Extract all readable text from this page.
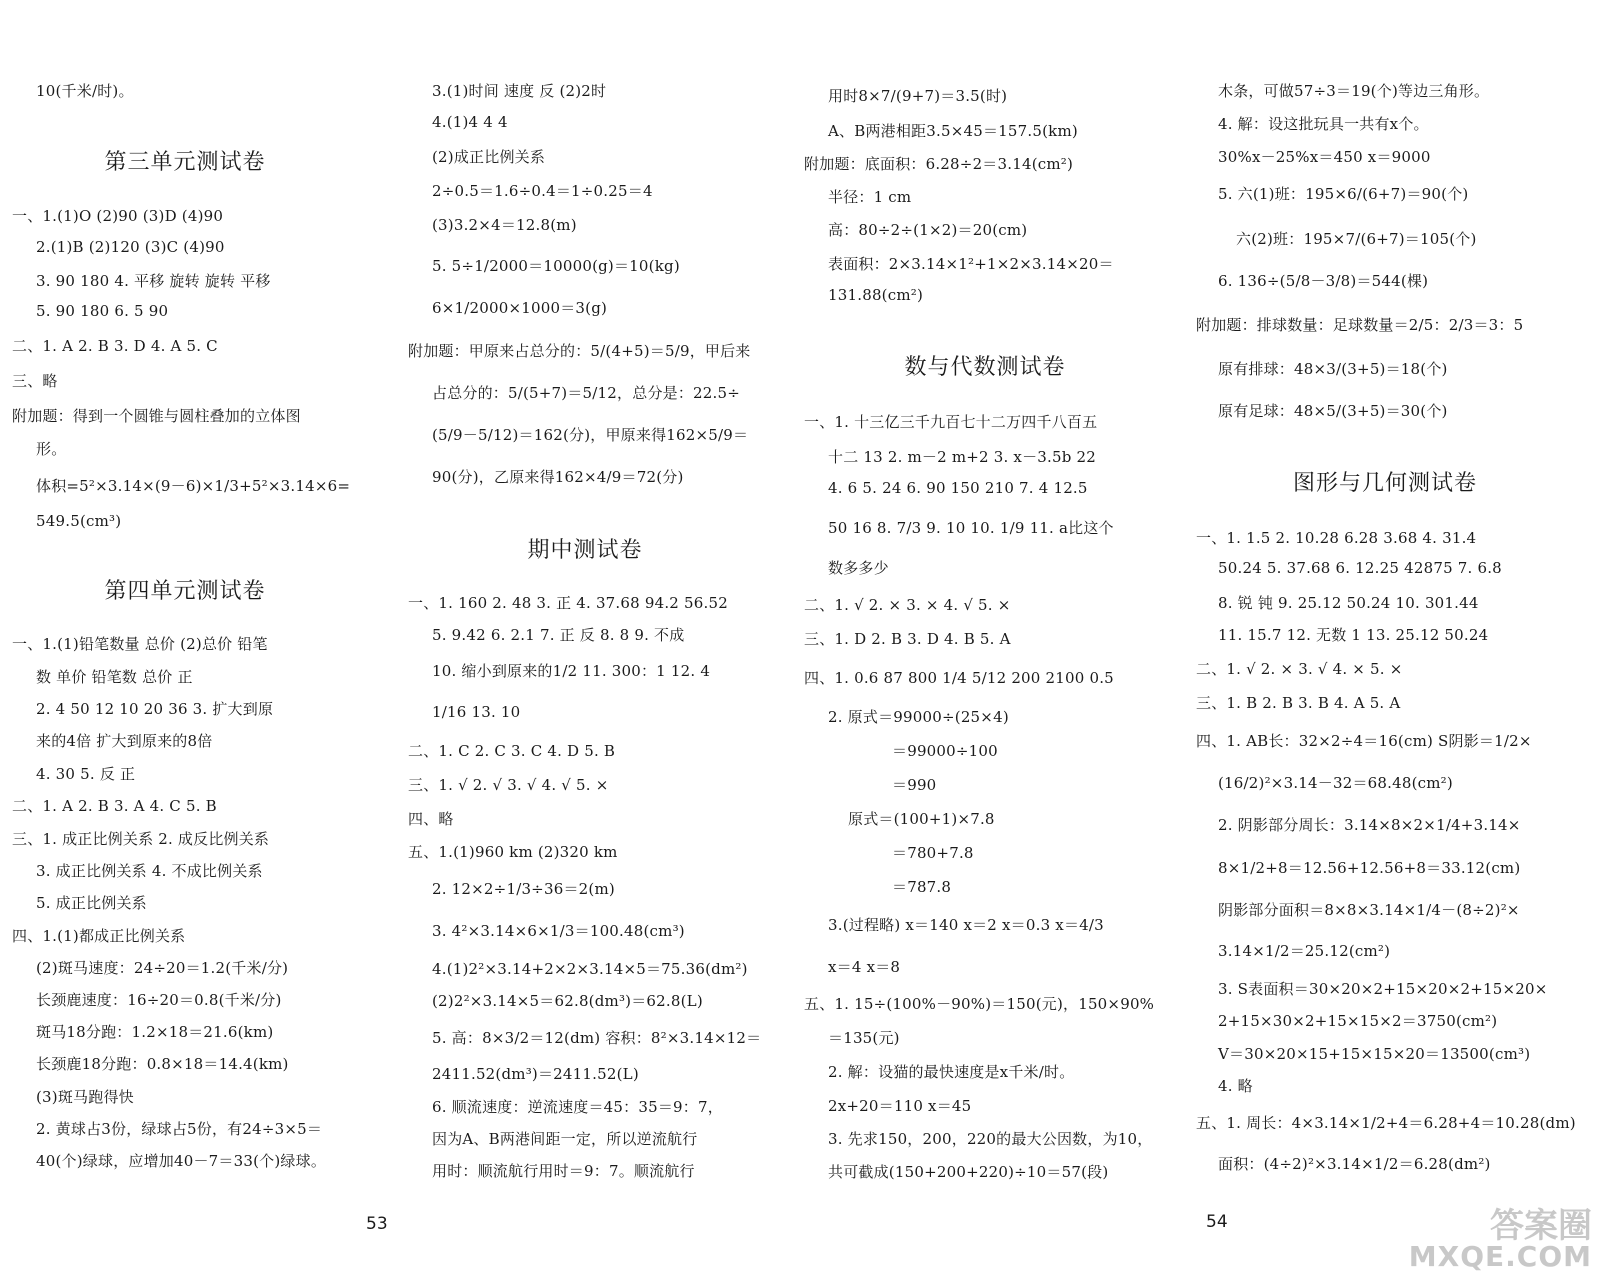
10(千米/时)。
第三单元测试卷
一、1.(1)O (2)90 (3)D (4)90
2.(1)B (2)120 (3)C (4)90
3. 90 180 4. 平移 旋转 旋转 平移
5. 90 180 6. 5 90
二、1. A 2. B 3. D 4. A 5. C
三、略
附加题：得到一个圆锥与圆柱叠加的立体图
形。
体积=5²×3.14×(9－6)×1/3+5²×3.14×6=
549.5(cm³)
第四单元测试卷
一、1.(1)铅笔数量 总价 (2)总价 铅笔
数 单价 铅笔数 总价 正
2. 4 50 12 10 20 36 3. 扩大到原
来的4倍 扩大到原来的8倍
4. 30 5. 反 正
二、1. A 2. B 3. A 4. C 5. B
三、1. 成正比例关系 2. 成反比例关系
3. 成正比例关系 4. 不成比例关系
5. 成正比例关系
四、1.(1)都成正比例关系
(2)斑马速度：24÷20＝1.2(千米/分)
长颈鹿速度：16÷20＝0.8(千米/分)
斑马18分跑：1.2×18＝21.6(km)
长颈鹿18分跑：0.8×18＝14.4(km)
(3)斑马跑得快
2. 黄球占3份，绿球占5份，有24÷3×5＝
40(个)绿球，应增加40－7＝33(个)绿球。
3.(1)时间 速度 反 (2)2时
4.(1)4 4 4
(2)成正比例关系
2÷0.5＝1.6÷0.4＝1÷0.25＝4
(3)3.2×4＝12.8(m)
5. 5÷1/2000＝10000(g)＝10(kg)
6×1/2000×1000＝3(g)
附加题：甲原来占总分的：5/(4+5)＝5/9，甲后来
占总分的：5/(5+7)＝5/12，总分是：22.5÷
(5/9－5/12)＝162(分)，甲原来得162×5/9＝
90(分)，乙原来得162×4/9＝72(分)
期中测试卷
一、1. 160 2. 48 3. 正 4. 37.68 94.2 56.52
5. 9.42 6. 2.1 7. 正 反 8. 8 9. 不成
10. 缩小到原来的1/2 11. 300：1 12. 4
1/16 13. 10
二、1. C 2. C 3. C 4. D 5. B
三、1. √ 2. √ 3. √ 4. √ 5. ×
四、略
五、1.(1)960 km (2)320 km
2. 12×2÷1/3÷36＝2(m)
3. 4²×3.14×6×1/3＝100.48(cm³)
4.(1)2²×3.14+2×2×3.14×5＝75.36(dm²)
(2)2²×3.14×5＝62.8(dm³)＝62.8(L)
5. 高：8×3/2＝12(dm) 容积：8²×3.14×12＝
2411.52(dm³)＝2411.52(L)
6. 顺流速度：逆流速度＝45：35＝9：7，
因为A、B两港间距一定，所以逆流航行
用时：顺流航行用时＝9：7。顺流航行
53
用时8×7/(9+7)＝3.5(时)
A、B两港相距3.5×45＝157.5(km)
附加题：底面积：6.28÷2＝3.14(cm²)
半径：1 cm
高：80÷2÷(1×2)＝20(cm)
表面积：2×3.14×1²+1×2×3.14×20＝
131.88(cm²)
数与代数测试卷
一、1. 十三亿三千九百七十二万四千八百五
十二 13 2. m－2 m+2 3. x－3.5b 22
4. 6 5. 24 6. 90 150 210 7. 4 12.5
50 16 8. 7/3 9. 10 10. 1/9 11. a比这个
数多多少
二、1. √ 2. × 3. × 4. √ 5. ×
三、1. D 2. B 3. D 4. B 5. A
四、1. 0.6 87 800 1/4 5/12 200 2100 0.5
2. 原式＝99000÷(25×4)
＝99000÷100
＝990
原式＝(100+1)×7.8
＝780+7.8
＝787.8
3.(过程略) x＝140 x＝2 x＝0.3 x＝4/3
x＝4 x＝8
五、1. 15÷(100%－90%)＝150(元)，150×90%
＝135(元)
2. 解：设猫的最快速度是x千米/时。
2x+20＝110 x＝45
3. 先求150，200，220的最大公因数，为10，
共可截成(150+200+220)÷10＝57(段)
木条，可做57÷3＝19(个)等边三角形。
4. 解：设这批玩具一共有x个。
30%x－25%x＝450 x＝9000
5. 六(1)班：195×6/(6+7)＝90(个)
六(2)班：195×7/(6+7)＝105(个)
6. 136÷(5/8－3/8)＝544(棵)
附加题：排球数量：足球数量＝2/5：2/3＝3：5
原有排球：48×3/(3+5)＝18(个)
原有足球：48×5/(3+5)＝30(个)
图形与几何测试卷
一、1. 1.5 2. 10.28 6.28 3.68 4. 31.4
50.24 5. 37.68 6. 12.25 42875 7. 6.8
8. 锐 钝 9. 25.12 50.24 10. 301.44
11. 15.7 12. 无数 1 13. 25.12 50.24
二、1. √ 2. × 3. √ 4. × 5. ×
三、1. B 2. B 3. B 4. A 5. A
四、1. AB长：32×2÷4＝16(cm) S阴影＝1/2×
(16/2)²×3.14－32＝68.48(cm²)
2. 阴影部分周长：3.14×8×2×1/4+3.14×
8×1/2+8＝12.56+12.56+8＝33.12(cm)
阴影部分面积＝8×8×3.14×1/4－(8÷2)²×
3.14×1/2＝25.12(cm²)
3. S表面积＝30×20×2+15×20×2+15×20×
2+15×30×2+15×15×2＝3750(cm²)
V＝30×20×15+15×15×20＝13500(cm³)
4. 略
五、1. 周长：4×3.14×1/2+4＝6.28+4＝10.28(dm)
面积：(4÷2)²×3.14×1/2＝6.28(dm²)
54	答案圈
MXQE.COM
